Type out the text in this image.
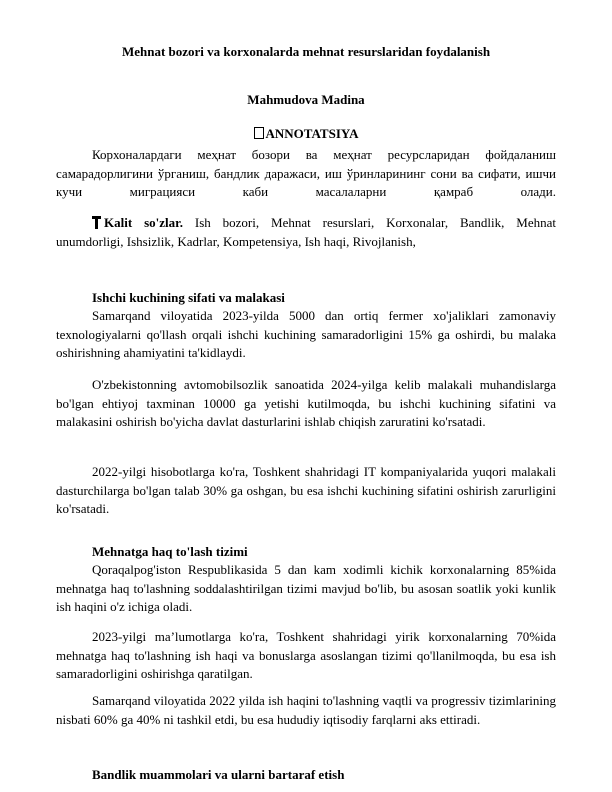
Mehnat bozori va korxonalarda mehnat resurslaridan foydalanish
Mahmudova Madina
ANNOTATSIYA

Корхоналардаги меҳнат бозори ва меҳнат ресурсларидан фойдаланиш самарадорлигини ўрганиш, бандлик даражаси, иш ўринларининг сони ва сифати, ишчи кучи миграцияси каби масалаларни қамраб олади.

Kalit so'zlar. Ish bozori, Mehnat resurslari, Korxonalar, Bandlik, Mehnat unumdorligi, Ishsizlik, Kadrlar, Kompetensiya, Ish haqi, Rivojlanish,

Ishchi kuchining sifati va malakasi

Samarqand viloyatida 2023-yilda 5000 dan ortiq fermer xo'jaliklari zamonaviy texnologiyalarni qo'llash orqali ishchi kuchining samaradorligini 15% ga oshirdi, bu malaka oshirishning ahamiyatini ta'kidlaydi.

O'zbekistonning avtomobilsozlik sanoatida 2024-yilga kelib malakali muhandislarga bo'lgan ehtiyoj taxminan 10000 ga yetishi kutilmoqda, bu ishchi kuchining sifatini va malakasini oshirish bo'yicha davlat dasturlarini ishlab chiqish zaruratini ko'rsatadi.

2022-yilgi hisobotlarga ko'ra, Toshkent shahridagi IT kompaniyalarida yuqori malakali dasturchilarga bo'lgan talab 30% ga oshgan, bu esa ishchi kuchining sifatini oshirish zarurligini ko'rsatadi.

Mehnatga haq to'lash tizimi

Qoraqalpog'iston Respublikasida 5 dan kam xodimli kichik korxonalarning 85%ida mehnatga haq to'lashning soddalashtirilgan tizimi mavjud bo'lib, bu asosan soatlik yoki kunlik ish haqini o'z ichiga oladi.

2023-yilgi ma’lumotlarga ko'ra, Toshkent shahridagi yirik korxonalarning 70%ida mehnatga haq to'lashning ish haqi va bonuslarga asoslangan tizimi qo'llanilmoqda, bu esa ish samaradorligini oshirishga qaratilgan.

Samarqand viloyatida 2022 yilda ish haqini to'lashning vaqtli va progressiv tizimlarining nisbati 60% ga 40% ni tashkil etdi, bu esa hududiy iqtisodiy farqlarni aks ettiradi.

Bandlik muammolari va ularni bartaraf etish
